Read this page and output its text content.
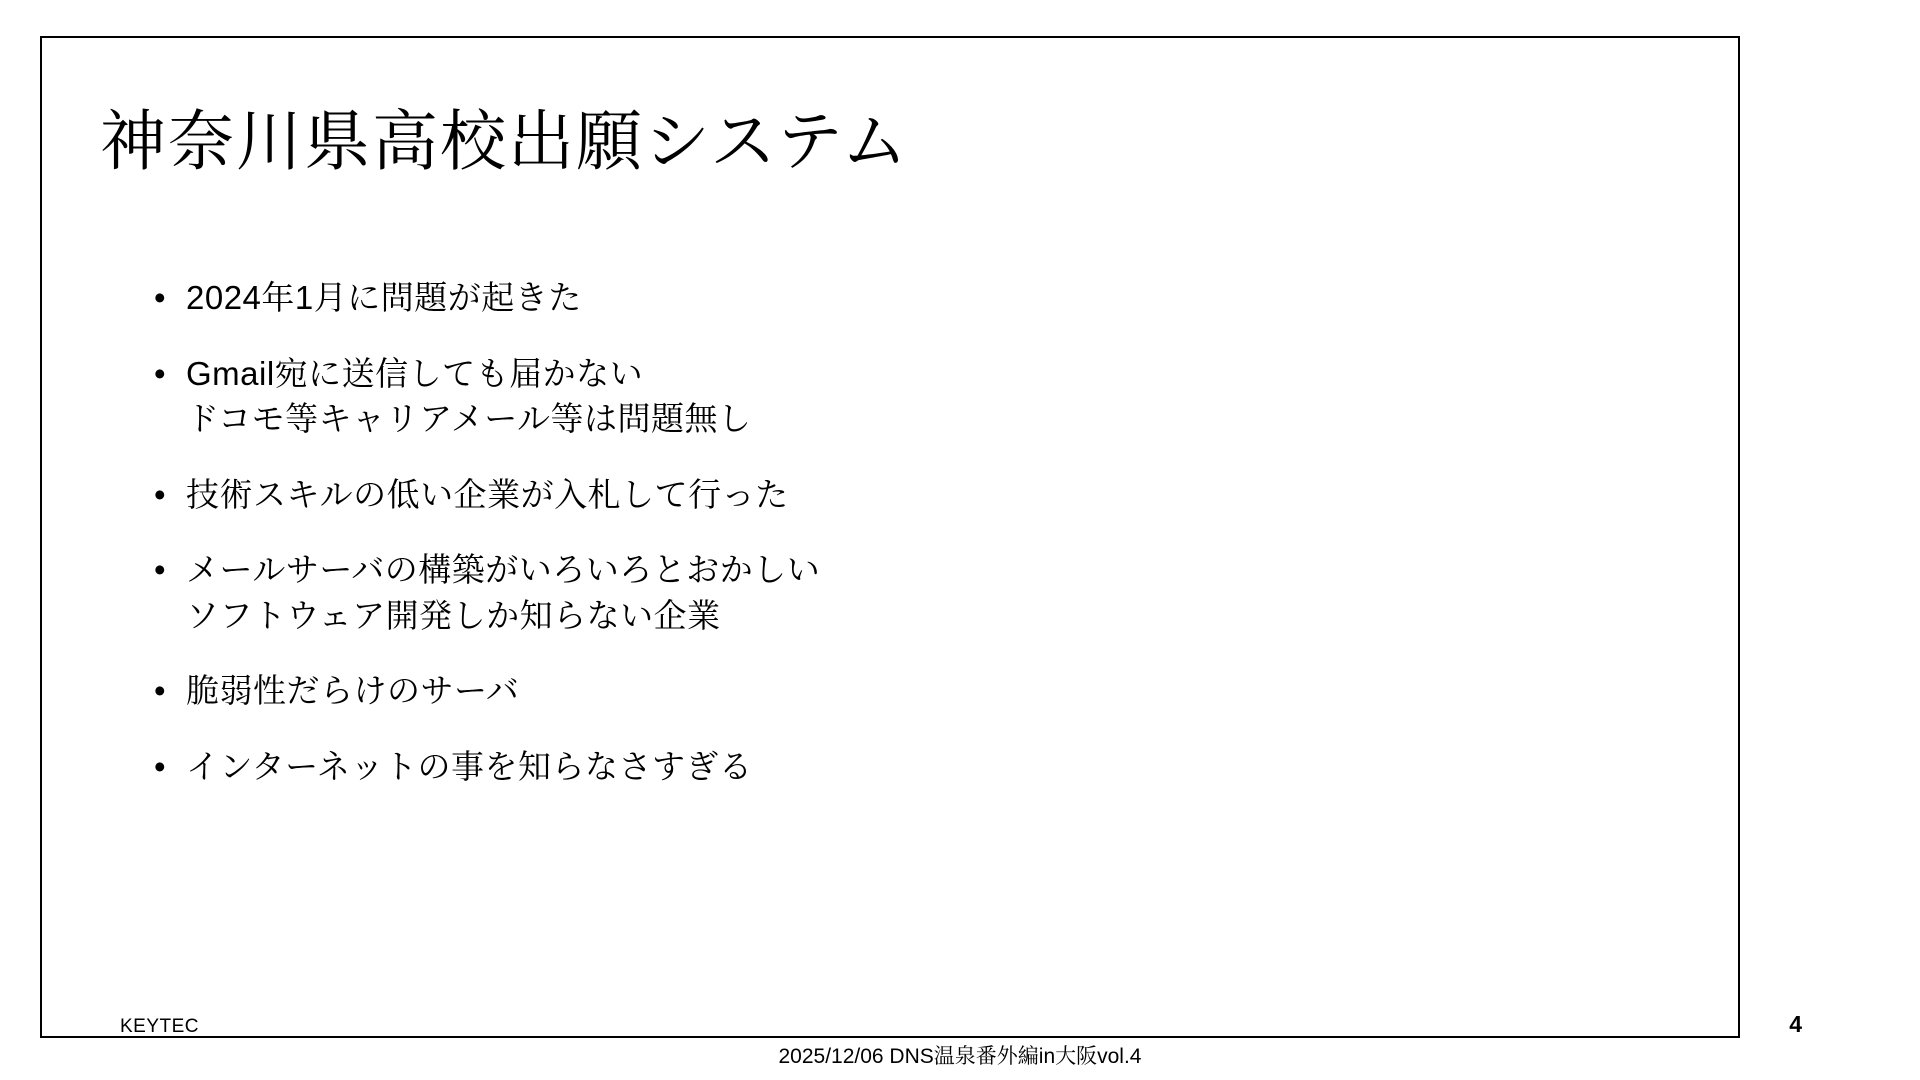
神奈川県高校出願システム
• 2024年1月に問題が起きた
• Gmail宛に送信しても届かない
ドコモ等キャリアメール等は問題無し
• 技術スキルの低い企業が入札して行った
• メールサーバの構築がいろいろとおかしい
ソフトウェア開発しか知らない企業
• 脆弱性だらけのサーバ
• インターネットの事を知らなさすぎる
KEYTEC
2025/12/06 DNS温泉番外編in大阪vol.4
4
